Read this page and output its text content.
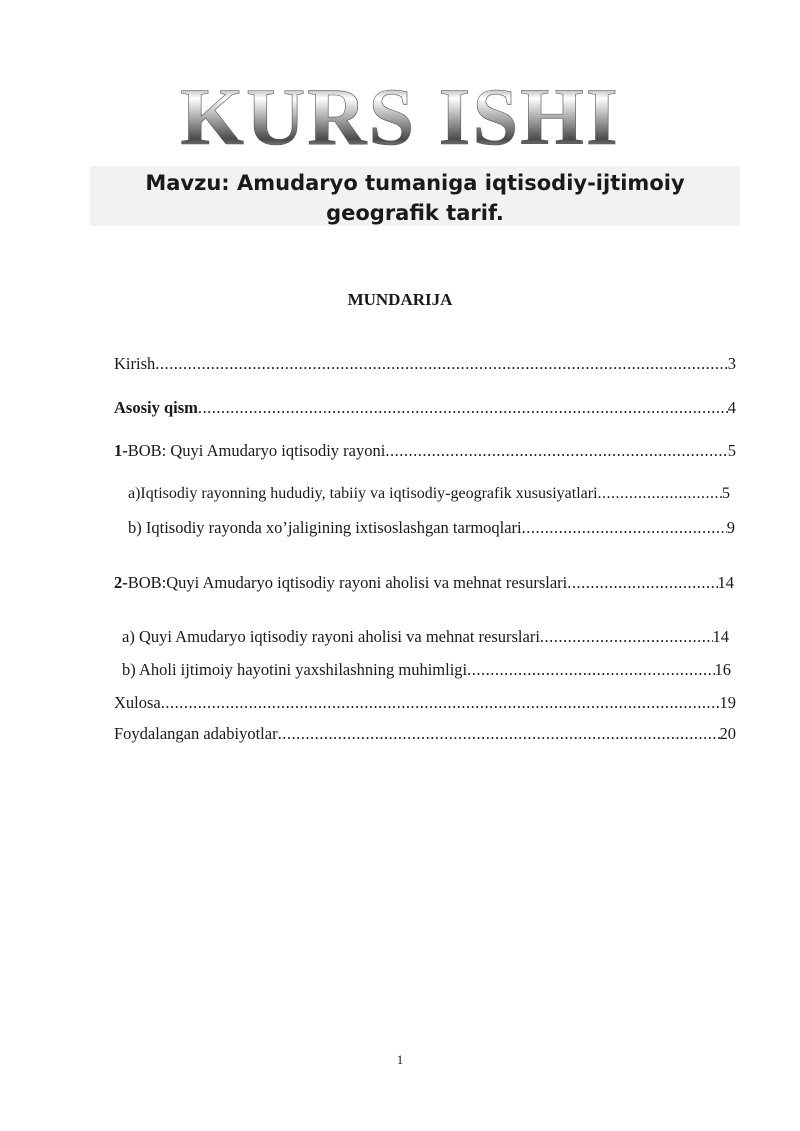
KURS ISHI
Mavzu: Amudaryo tumaniga iqtisodiy-ijtimoiy geografik tarif.
MUNDARIJA
Kirish .....	3
Asosiy qism .....	4
1- BOB: Quyi Amudaryo iqtisodiy rayoni .....	5
a)Iqtisodiy rayonning hududiy, tabiiy va iqtisodiy-geografik xususiyatlari .....	5
b) Iqtisodiy rayonda xo’jaligining ixtisoslashgan tarmoqlari .....	9
2- BOB:Quyi Amudaryo iqtisodiy rayoni aholisi va mehnat resurslari .....	14
a) Quyi Amudaryo iqtisodiy rayoni aholisi va mehnat resurslari .....	14
b) Aholi ijtimoiy hayotini yaxshilashning muhimligi .....	16
Xulosa .....	19
Foydalangan adabiyotlar .....	20
1
